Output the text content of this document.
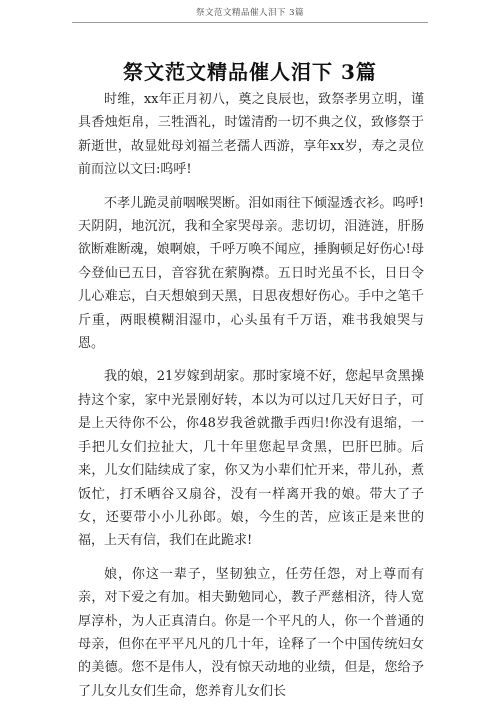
祭文范文精品催人泪下 3篇
祭文范文精品催人泪下 3篇

时维，xx年正月初八，奠之良辰也，致祭孝男立明，谨具香烛炬帛，三牲酒礼，时馐清酌一切不典之仪，致修祭于新逝世，故显妣母刘福兰老孺人西游，享年xx岁，寿之灵位前而泣以文曰:呜呼!

不孝儿跪灵前咽喉哭断。泪如雨往下倾湿透衣衫。呜呼!天阴阴，地沉沉，我和全家哭母亲。悲切切，泪涟涟，肝肠欲断难断魂，娘啊娘，千呼万唤不闻应，捶胸顿足好伤心!母今登仙已五日，音容犹在萦胸襟。五日时光虽不长，日日令儿心难忘，白天想娘到天黑，日思夜想好伤心。手中之笔千斤重，两眼模糊泪湿巾，心头虽有千万语，难书我娘哭与恩。

我的娘，21岁嫁到胡家。那时家境不好，您起早贪黑操持这个家，家中光景刚好转，本以为可以过几天好日子，可是上天待你不公，你48岁我爸就撒手西归!你没有退缩，一手把儿女们拉扯大，几十年里您起早贪黑，巴肝巴肺。后来，儿女们陆续成了家，你又为小辈们忙开来，带儿孙，煮饭忙，打禾晒谷又扇谷，没有一样离开我的娘。带大了子女，还要带小小儿孙郎。娘，今生的苦，应该正是来世的福，上天有信，我们在此跪求!

娘，你这一辈子，坚韧独立，任劳任怨，对上尊而有亲，对下爱之有加。相夫勤勉同心，教子严慈相济，待人宽厚淳朴，为人正真清白。你是一个平凡的人，你一个普通的母亲，但你在平平凡凡的几十年，诠释了一个中国传统妇女的美德。您不是伟人，没有惊天动地的业绩，但是，您给予了儿女儿女们生命，您养育儿女们长
